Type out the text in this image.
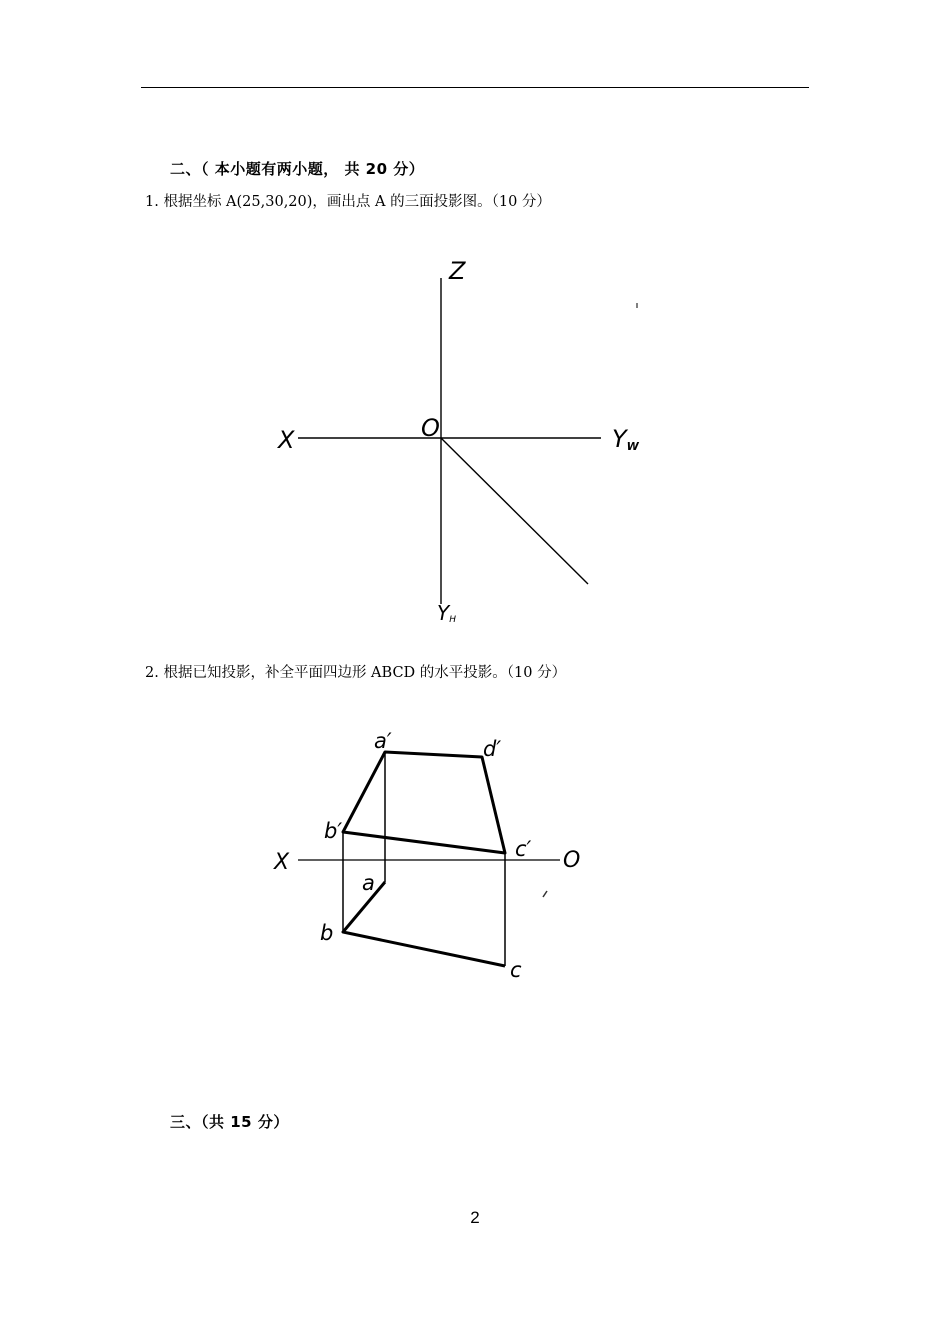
二、（ 本小题有两小题， 共 20 分）
1. 根据坐标 A(25,30,20)，画出点 A 的三面投影图。（10 分）
Z
X	O	YW
YH
2. 根据已知投影，补全平面四边形 ABCD 的水平投影。（10 分）
a′	d′
b′
c′
X	O
a
b
c
三、（共 15 分）
2
